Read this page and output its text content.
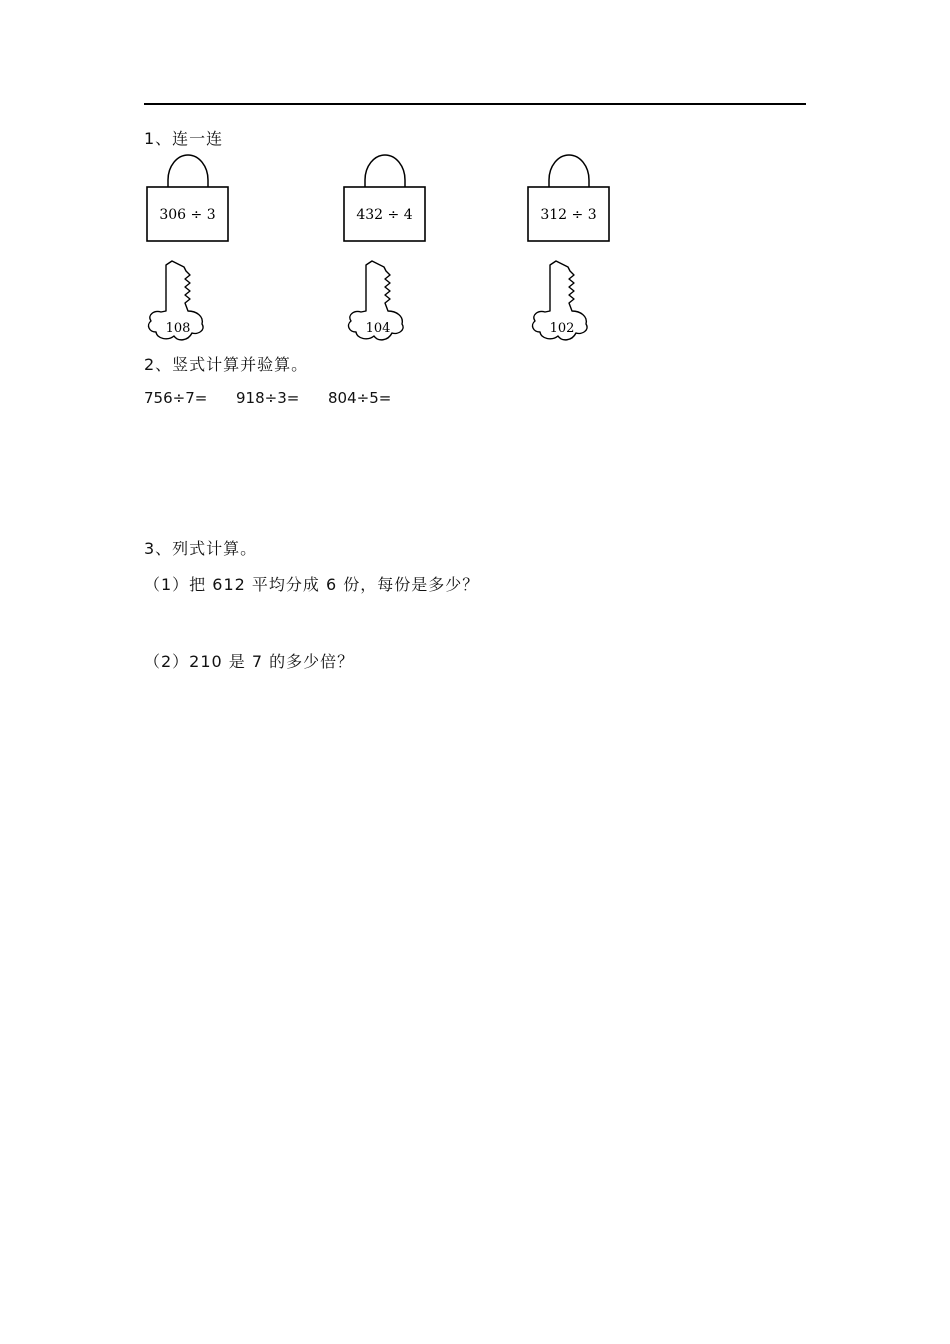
1、连一连
306 ÷ 3	432 ÷ 4	312 ÷ 3
108	104	102
2、竖式计算并验算。
756÷7= 918÷3= 804÷5=
3、列式计算。
（1）把 612 平均分成 6 份，每份是多少？
（2）210 是 7 的多少倍？
